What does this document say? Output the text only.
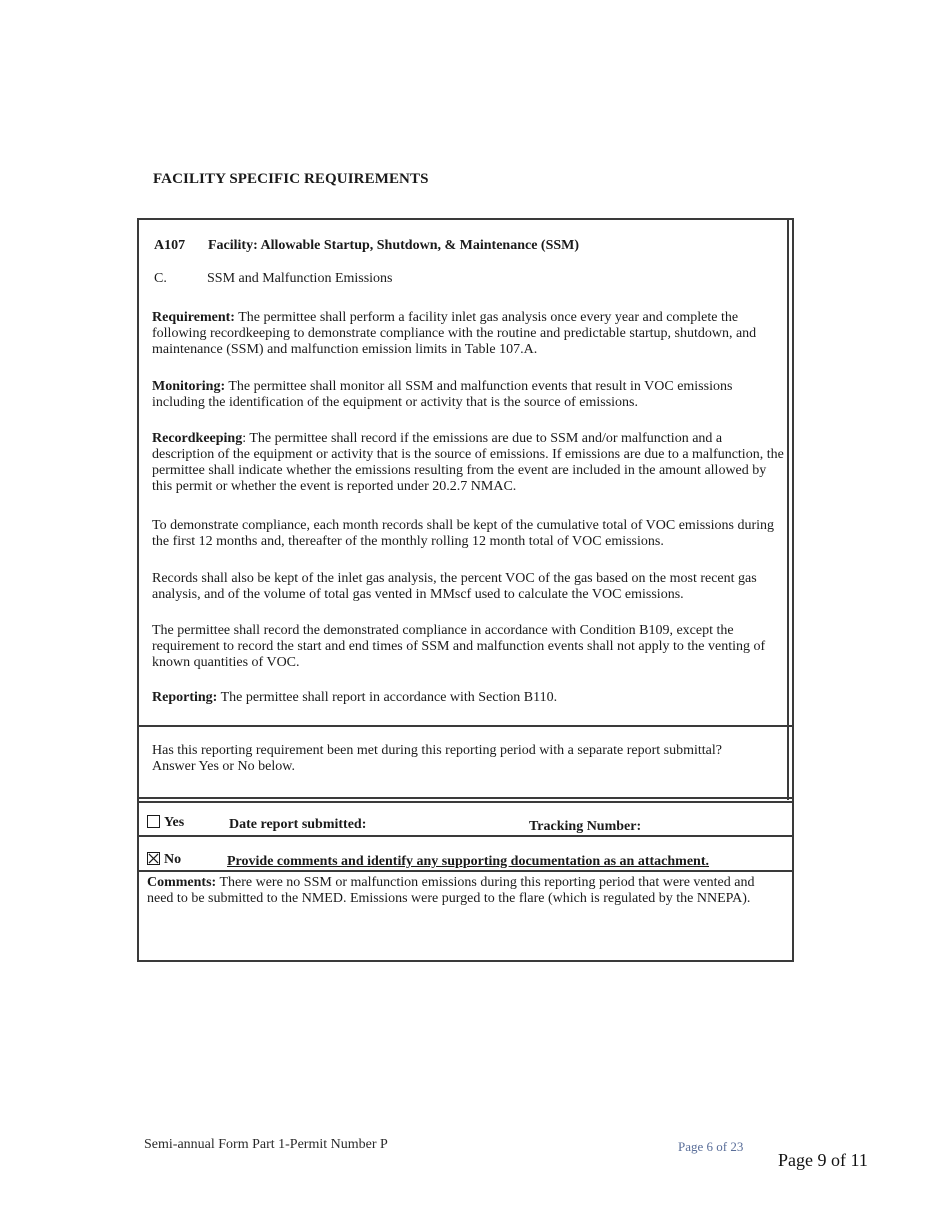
FACILITY SPECIFIC REQUIREMENTS
A107 Facility: Allowable Startup, Shutdown, & Maintenance (SSM)
C.	SSM and Malfunction Emissions
Requirement: The permittee shall perform a facility inlet gas analysis once every year and complete the following recordkeeping to demonstrate compliance with the routine and predictable startup, shutdown, and maintenance (SSM) and malfunction emission limits in Table 107.A.
Monitoring: The permittee shall monitor all SSM and malfunction events that result in VOC emissions including the identification of the equipment or activity that is the source of emissions.
Recordkeeping: The permittee shall record if the emissions are due to SSM and/or malfunction and a description of the equipment or activity that is the source of emissions. If emissions are due to a malfunction, the permittee shall indicate whether the emissions resulting from the event are included in the amount allowed by this permit or whether the event is reported under 20.2.7 NMAC.
To demonstrate compliance, each month records shall be kept of the cumulative total of VOC emissions during the first 12 months and, thereafter of the monthly rolling 12 month total of VOC emissions.
Records shall also be kept of the inlet gas analysis, the percent VOC of the gas based on the most recent gas analysis, and of the volume of total gas vented in MMscf used to calculate the VOC emissions.
The permittee shall record the demonstrated compliance in accordance with Condition B109, except the requirement to record the start and end times of SSM and malfunction events shall not apply to the venting of known quantities of VOC.
Reporting: The permittee shall report in accordance with Section B110.
Has this reporting requirement been met during this reporting period with a separate report submittal?
Answer Yes or No below.
Yes	Date report submitted:	Tracking Number:
No	Provide comments and identify any supporting documentation as an attachment.
Comments: There were no SSM or malfunction emissions during this reporting period that were vented and need to be submitted to the NMED. Emissions were purged to the flare (which is regulated by the NNEPA).
Semi-annual Form Part 1-Permit Number P	Page 6 of 23
Page 9 of 11
